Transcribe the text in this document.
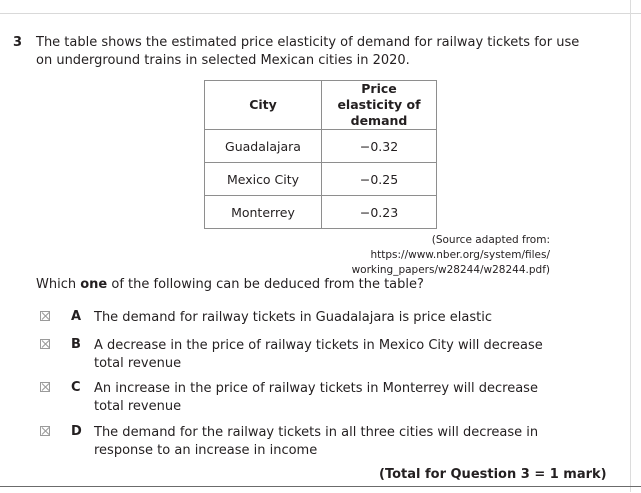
3 The table shows the estimated price elasticity of demand for railway tickets for use on underground trains in selected Mexican cities in 2020.
City	Price elasticity of demand

Guadalajara	−0.32
Mexico City	−0.25
Monterrey	−0.23
(Source adapted from: https://www.nber.org/system/files/
working_papers/w28244/w28244.pdf)
Which one of the following can be deduced from the table?
A The demand for railway tickets in Guadalajara is price elastic
B A decrease in the price of railway tickets in Mexico City will decrease total revenue
C An increase in the price of railway tickets in Monterrey will decrease total revenue
D The demand for the railway tickets in all three cities will decrease in response to an increase in income
(Total for Question 3 = 1 mark)
